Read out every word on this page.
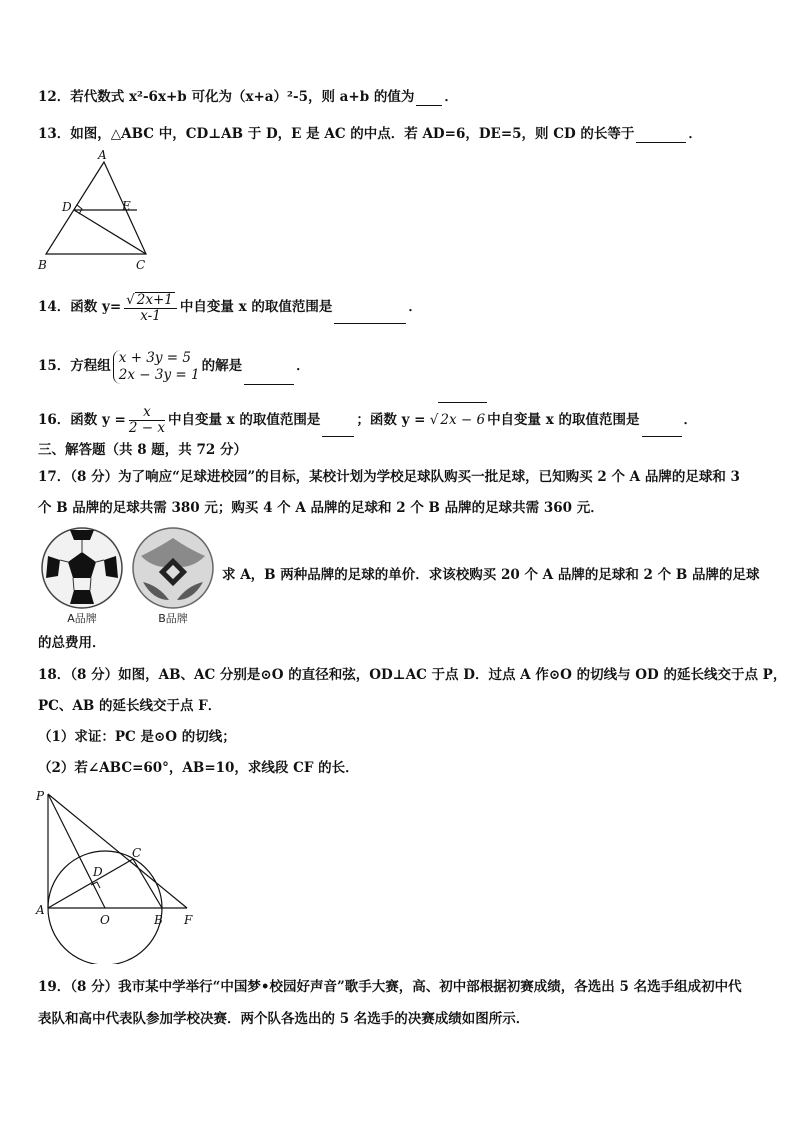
12．若代数式 x²-6x+b 可化为（x+a）²-5，则 a+b 的值为 ．
13．如图，△ABC 中，CD⊥AB 于 D，E 是 AC 的中点．若 AD=6，DE=5，则 CD 的长等于	．
A
D	E
B	C
14．函数 $y= \frac{√ 2x+1}{x-1}$ 中自变量 x 的取值范围是	．
15．方程组
x + 3y = 5
2x − 3y = 1
的解是	．
16．函数 $y = \frac{x}{2 - x}$ 中自变量 x 的取值范围是	；函数 y = √ 2x − 6 中自变量 x 的取值范围是	．
三、解答题（共 8 题，共 72 分）
17．（8 分）为了响应“足球进校园”的目标，某校计划为学校足球队购买一批足球，已知购买 2 个 A 品牌的足球和 3
个 B 品牌的足球共需 380 元；购买 4 个 A 品牌的足球和 2 个 B 品牌的足球共需 360 元．
A品牌	B品牌
求 A，B 两种品牌的足球的单价．求该校购买 20 个 A 品牌的足球和 2 个 B 品牌的足球
的总费用．
18．（8 分）如图，AB、AC 分别是⊙O 的直径和弦，OD⊥AC 于点 D．过点 A 作⊙O 的切线与 OD 的延长线交于点 P，
PC、AB 的延长线交于点 F．
（1）求证：PC 是⊙O 的切线；
（2）若∠ABC=60°，AB=10，求线段 CF 的长．
P
C
D
A
O	B F
19．（8 分）我市某中学举行“中国梦•校园好声音”歌手大赛，高、初中部根据初赛成绩，各选出 5 名选手组成初中代
表队和高中代表队参加学校决赛．两个队各选出的 5 名选手的决赛成绩如图所示．
